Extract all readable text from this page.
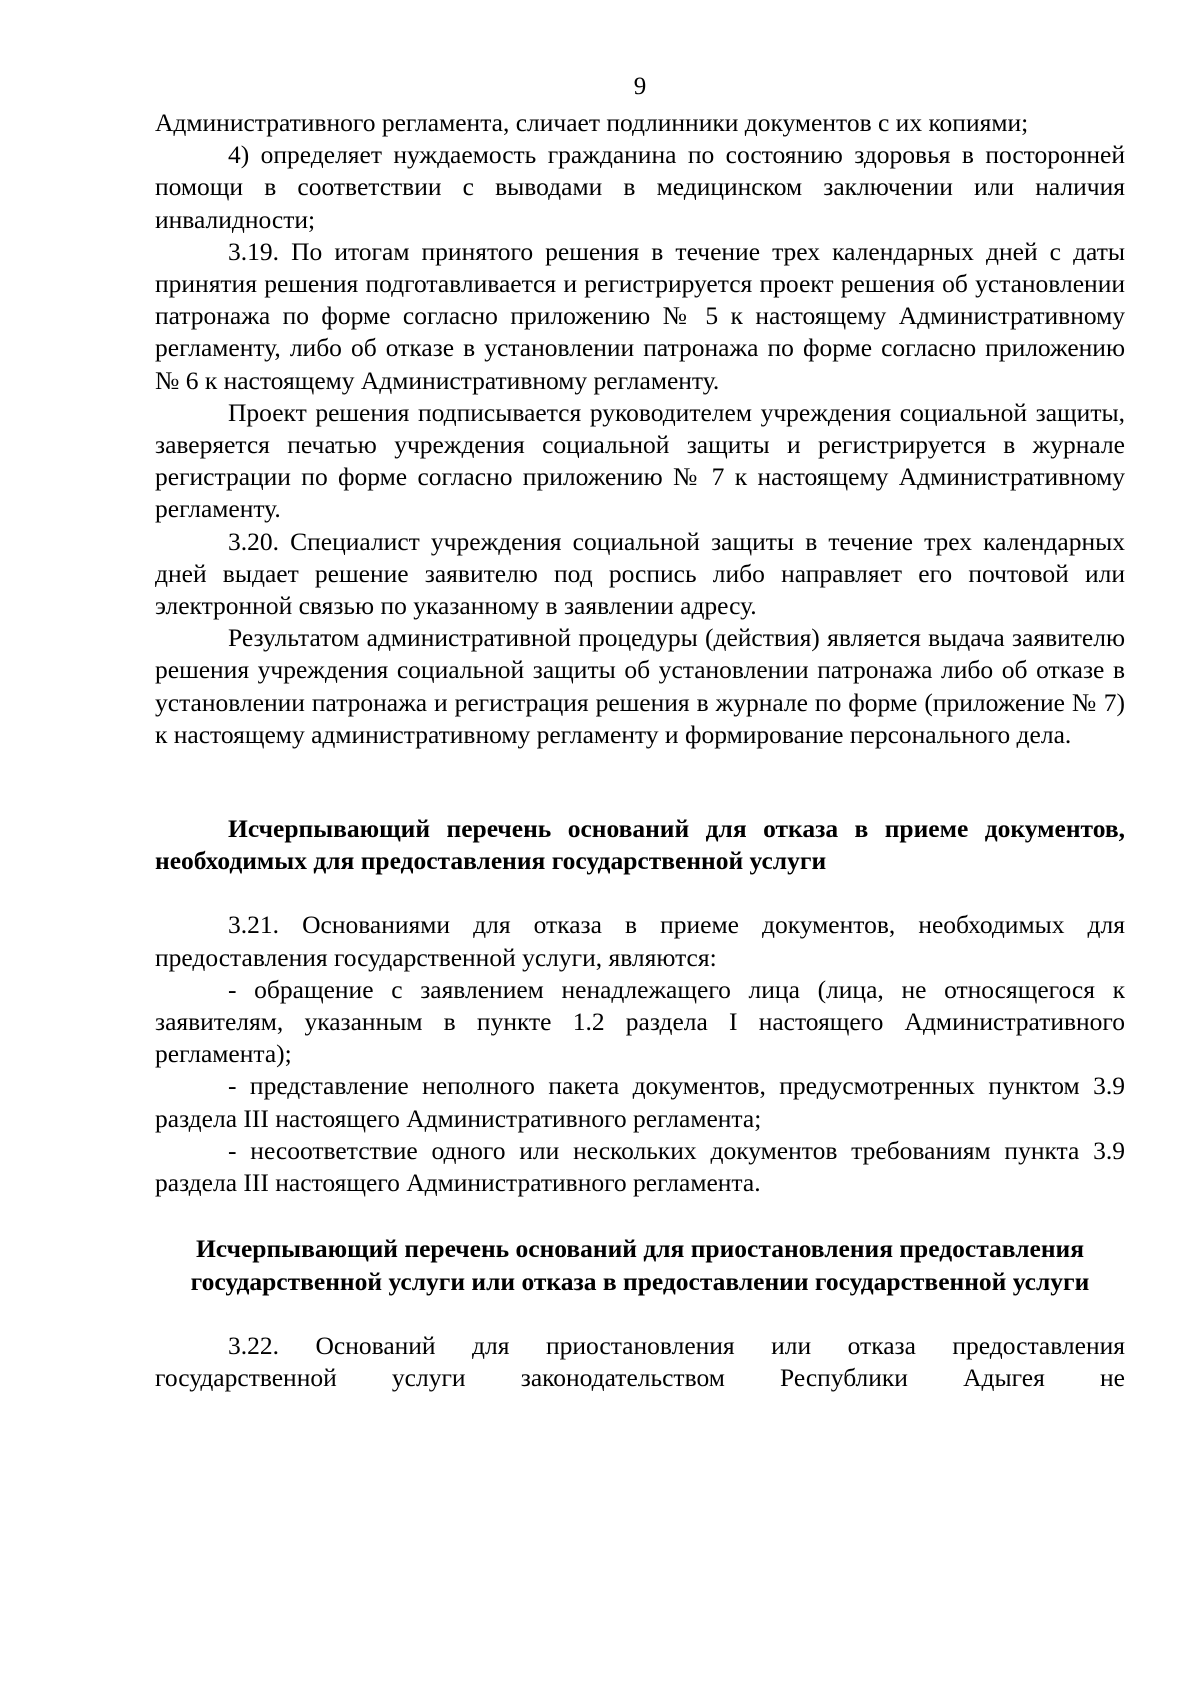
9

Административного регламента, сличает подлинники документов с их копиями;

4) определяет нуждаемость гражданина по состоянию здоровья в посторонней помощи в соответствии с выводами в медицинском заключении или наличия инвалидности;

3.19. По итогам принятого решения в течение трех календарных дней с даты принятия решения подготавливается и регистрируется проект решения об установлении патронажа по форме согласно приложению № 5 к настоящему Административному регламенту, либо об отказе в установлении патронажа по форме согласно приложению № 6 к настоящему Административному регламенту.

Проект решения подписывается руководителем учреждения социальной защиты, заверяется печатью учреждения социальной защиты и регистрируется в журнале регистрации по форме согласно приложению № 7 к настоящему Административному регламенту.

3.20. Специалист учреждения социальной защиты в течение трех календарных дней выдает решение заявителю под роспись либо направляет его почтовой или электронной связью по указанному в заявлении адресу.

Результатом административной процедуры (действия) является выдача заявителю решения учреждения социальной защиты об установлении патронажа либо об отказе в установлении патронажа и регистрация решения в журнале по форме (приложение № 7) к настоящему административному регламенту и формирование персонального дела.

Исчерпывающий перечень оснований для отказа в приеме документов, необходимых для предоставления государственной услуги

3.21. Основаниями для отказа в приеме документов, необходимых для предоставления государственной услуги, являются:

- обращение с заявлением ненадлежащего лица (лица, не относящегося к заявителям, указанным в пункте 1.2 раздела I настоящего Административного регламента);

- представление неполного пакета документов, предусмотренных пунктом 3.9 раздела III настоящего Административного регламента;

- несоответствие одного или нескольких документов требованиям пункта 3.9 раздела III настоящего Административного регламента.

Исчерпывающий перечень оснований для приостановления предоставления государственной услуги или отказа в предоставлении государственной услуги

3.22. Оснований для приостановления или отказа предоставления государственной услуги законодательством Республики Адыгея не
